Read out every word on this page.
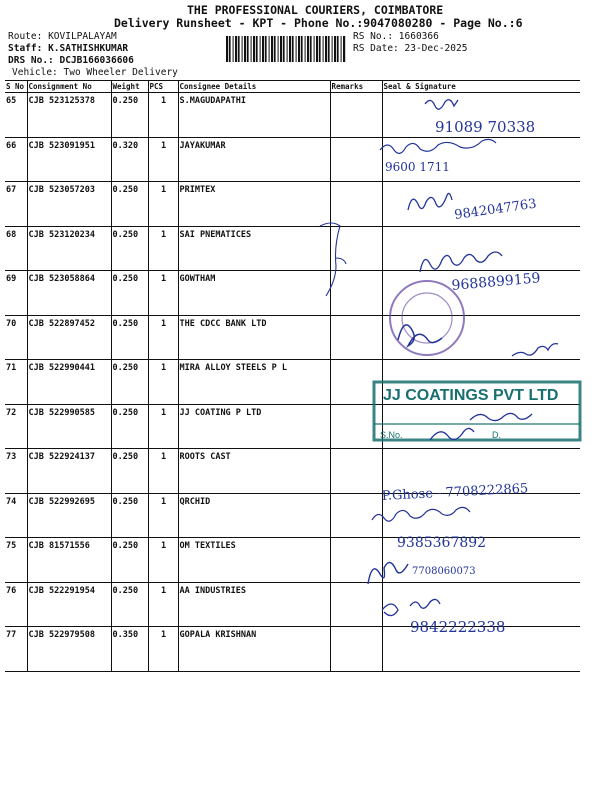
THE PROFESSIONAL COURIERS, COIMBATORE
Delivery Runsheet - KPT - Phone No.:9047080280 - Page No.:6
Route: KOVILPALAYAM
Staff: K.SATHISHKUMAR
DRS No.: DCJB166036606
Vehicle: Two Wheeler Delivery
RS No.: 1660366
RS Date: 23-Dec-2025
S No	Consignment No	Weight	PCS	Consignee Details	Remarks	Seal & Signature
65	CJB 523125378	0.250	1	S.MAGUDAPATHI		
66	CJB 523091951	0.320	1	JAYAKUMAR		
67	CJB 523057203	0.250	1	PRIMTEX		
68	CJB 523120234	0.250	1	SAI PNEMATICES		
69	CJB 523058864	0.250	1	GOWTHAM		
70	CJB 522897452	0.250	1	THE CDCC BANK LTD		
71	CJB 522990441	0.250	1	MIRA ALLOY STEELS P L		
72	CJB 522990585	0.250	1	JJ COATING P LTD		
73	CJB 522924137	0.250	1	ROOTS CAST		
74	CJB 522992695	0.250	1	QRCHID		
75	CJB 81571556	0.250	1	OM TEXTILES		
76	CJB 522291954	0.250	1	AA INDUSTRIES		
77	CJB 522979508	0.350	1	GOPALA KRISHNAN		
91089 70338
9600 1711
9842047763
9688899159
JJ COATINGS PVT LTD
S.No.	D.
P.Ghose - 7708222865
9385367892
7708060073
9842222338
